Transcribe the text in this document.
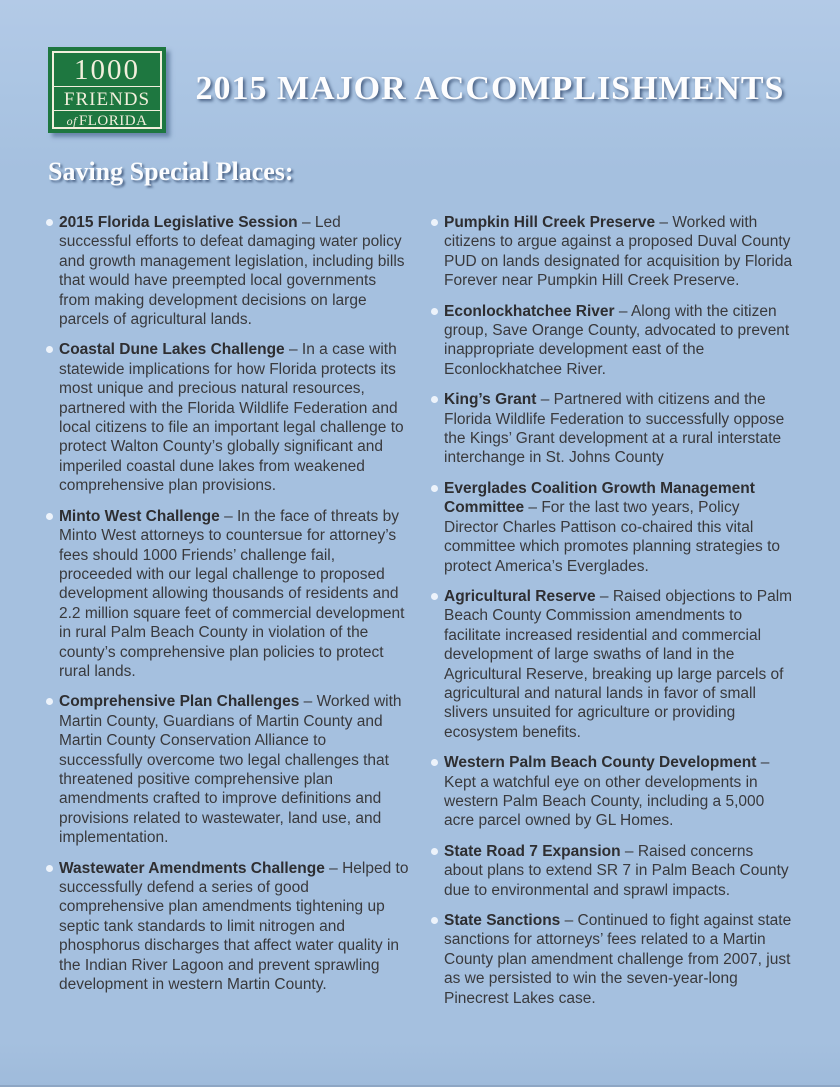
1000
FRIENDS
of FLORIDA
2015 MAJOR ACCOMPLISHMENTS
Saving Special Places:
2015 Florida Legislative Session – Led successful efforts to defeat damaging water policy and growth management legislation, including bills that would have preempted local governments from making development decisions on large parcels of agricultural lands.
Coastal Dune Lakes Challenge – In a case with statewide implications for how Florida protects its most unique and precious natural resources, partnered with the Florida Wildlife Federation and local citizens to file an important legal challenge to protect Walton County’s globally significant and imperiled coastal dune lakes from weakened comprehensive plan provisions.
Minto West Challenge – In the face of threats by Minto West attorneys to countersue for attorney’s fees should 1000 Friends’ challenge fail, proceeded with our legal challenge to proposed development allowing thousands of residents and 2.2 million square feet of commercial development in rural Palm Beach County in violation of the county’s comprehensive plan policies to protect rural lands.
Comprehensive Plan Challenges – Worked with Martin County, Guardians of Martin County and Martin County Conservation Alliance to successfully overcome two legal challenges that threatened positive comprehensive plan amendments crafted to improve definitions and provisions related to wastewater, land use, and implementation.
Wastewater Amendments Challenge – Helped to successfully defend a series of good comprehensive plan amendments tightening up septic tank standards to limit nitrogen and phosphorus discharges that affect water quality in the Indian River Lagoon and prevent sprawling development in western Martin County.
Pumpkin Hill Creek Preserve – Worked with citizens to argue against a proposed Duval County PUD on lands designated for acquisition by Florida Forever near Pumpkin Hill Creek Preserve.
Econlockhatchee River – Along with the citizen group, Save Orange County, advocated to prevent inappropriate development east of the Econlockhatchee River.
King’s Grant – Partnered with citizens and the Florida Wildlife Federation to successfully oppose the Kings’ Grant development at a rural interstate interchange in St. Johns County
Everglades Coalition Growth Management Committee – For the last two years, Policy Director Charles Pattison co-chaired this vital committee which promotes planning strategies to protect America’s Everglades.
Agricultural Reserve – Raised objections to Palm Beach County Commission amendments to facilitate increased residential and commercial development of large swaths of land in the Agricultural Reserve, breaking up large parcels of agricultural and natural lands in favor of small slivers unsuited for agriculture or providing ecosystem benefits.
Western Palm Beach County Development – Kept a watchful eye on other developments in western Palm Beach County, including a 5,000 acre parcel owned by GL Homes.
State Road 7 Expansion – Raised concerns about plans to extend SR 7 in Palm Beach County due to environmental and sprawl impacts.
State Sanctions – Continued to fight against state sanctions for attorneys’ fees related to a Martin County plan amendment challenge from 2007, just as we persisted to win the seven-year-long Pinecrest Lakes case.
